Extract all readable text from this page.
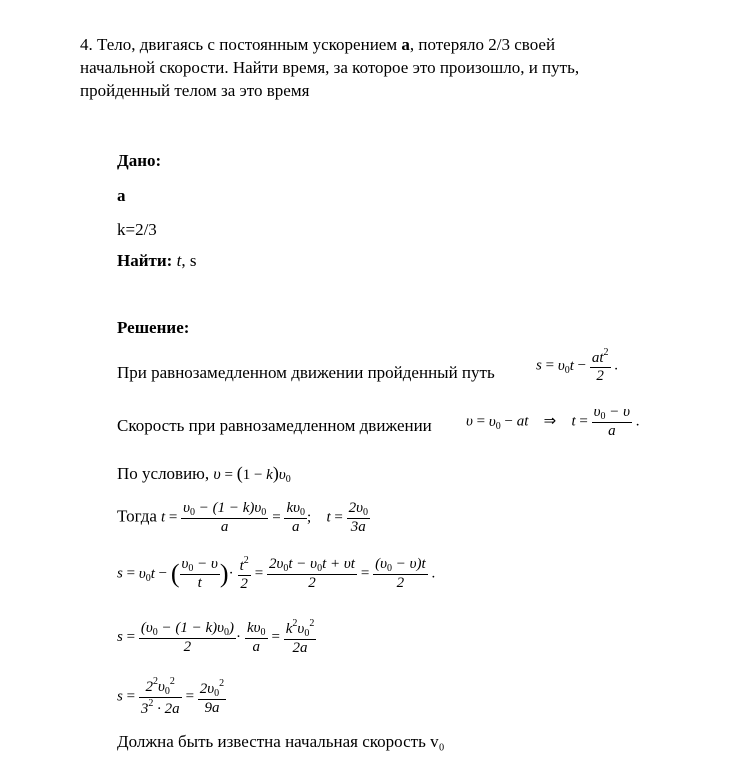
4. Тело, двигаясь с постоянным ускорением a, потеряло 2/3 своей
начальной скорости. Найти время, за которое это произошло, и путь,
пройденный телом за это время
Дано:
a
k=2/3
Найти: t, s
Решение:
При равнозамедленном движении пройденный путь	$s = \upsilon_0t - \frac{at^2}{2}$ .
Скорость при равнозамедленном движении $\upsilon = \upsilon_0$ − at    ⇒    $t = \frac{\upsilon_0 - \upsilon}{a}$ .
По условию, $\upsilon = (1 - k)\upsilon_0$
Тогда $t = \frac{\upsilon_0 - (1 - k)\upsilon_0}{a} = \frac{k\upsilon_0}{a}$ ;    $t = \frac{2\upsilon_0}{3a}$
$s = \upsilon_0t$ − ( $\frac{\upsilon_0 - \upsilon}{t}$ )· $\frac{t^2}{2} = \frac{2\upsilon_0t - \upsilon_0t + \upsilon t}{2} = \frac{(\upsilon_0 - \upsilon)t}{2}$ .
$s = \frac{(\upsilon_0 - (1 - k)\upsilon_0)}{2} \cdot \frac{k\upsilon_0}{a} = \frac{k^2\upsilon_0^2}{2a}$
$s = \frac{2^2\upsilon_0^2}{3^2 \cdot 2a} = \frac{2\upsilon_0^2}{9a}$
Должна быть известна начальная скорость v₀
